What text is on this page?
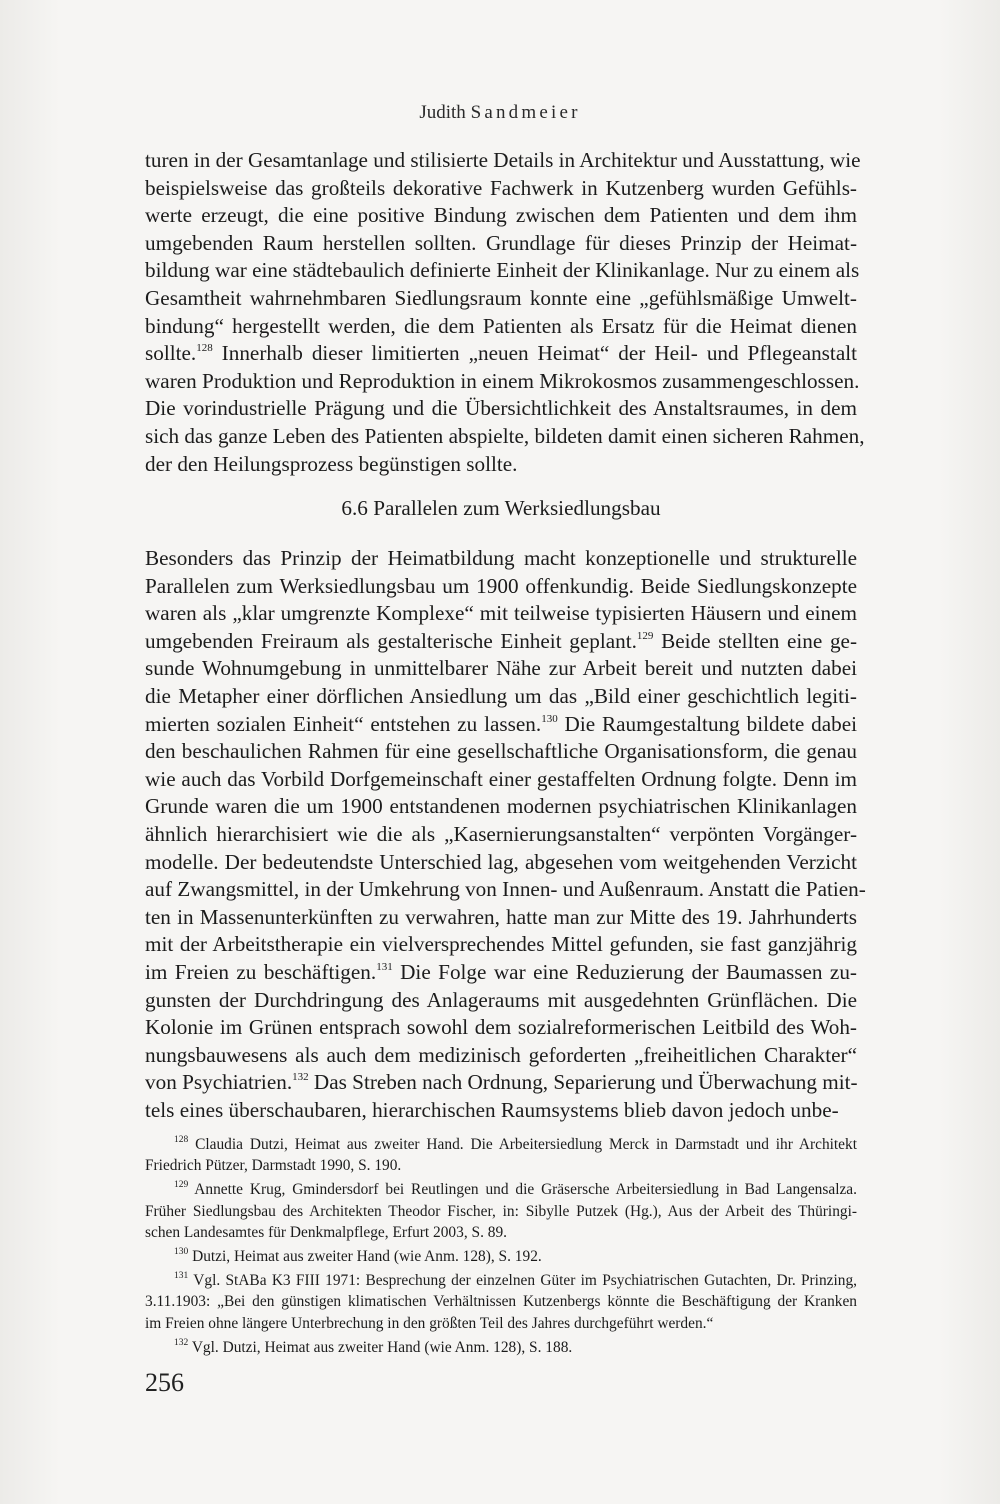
Judith Sandmeier
turen in der Gesamtanlage und stilisierte Details in Architektur und Ausstattung, wie
beispielsweise das großteils dekorative Fachwerk in Kutzenberg wurden Gefühls-
werte erzeugt, die eine positive Bindung zwischen dem Patienten und dem ihm
umgebenden Raum herstellen sollten. Grundlage für dieses Prinzip der Heimat-
bildung war eine städtebaulich definierte Einheit der Klinikanlage. Nur zu einem als
Gesamtheit wahrnehmbaren Siedlungsraum konnte eine „gefühlsmäßige Umwelt-
bindung“ hergestellt werden, die dem Patienten als Ersatz für die Heimat dienen
sollte.$^{128}$ Innerhalb dieser limitierten „neuen Heimat“ der Heil- und Pflegeanstalt
waren Produktion und Reproduktion in einem Mikrokosmos zusammengeschlossen.
Die vorindustrielle Prägung und die Übersichtlichkeit des Anstaltsraumes, in dem
sich das ganze Leben des Patienten abspielte, bildeten damit einen sicheren Rahmen,
der den Heilungsprozess begünstigen sollte.
6.6 Parallelen zum Werksiedlungsbau
Besonders das Prinzip der Heimatbildung macht konzeptionelle und strukturelle
Parallelen zum Werksiedlungsbau um 1900 offenkundig. Beide Siedlungskonzepte
waren als „klar umgrenzte Komplexe“ mit teilweise typisierten Häusern und einem
umgebenden Freiraum als gestalterische Einheit geplant.$^{129}$ Beide stellten eine ge-
sunde Wohnumgebung in unmittelbarer Nähe zur Arbeit bereit und nutzten dabei
die Metapher einer dörflichen Ansiedlung um das „Bild einer geschichtlich legiti-
mierten sozialen Einheit“ entstehen zu lassen.$^{130}$ Die Raumgestaltung bildete dabei
den beschaulichen Rahmen für eine gesellschaftliche Organisationsform, die genau
wie auch das Vorbild Dorfgemeinschaft einer gestaffelten Ordnung folgte. Denn im
Grunde waren die um 1900 entstandenen modernen psychiatrischen Klinikanlagen
ähnlich hierarchisiert wie die als „Kasernierungsanstalten“ verpönten Vorgänger-
modelle. Der bedeutendste Unterschied lag, abgesehen vom weitgehenden Verzicht
auf Zwangsmittel, in der Umkehrung von Innen- und Außenraum. Anstatt die Patien-
ten in Massenunterkünften zu verwahren, hatte man zur Mitte des 19. Jahrhunderts
mit der Arbeitstherapie ein vielversprechendes Mittel gefunden, sie fast ganzjährig
im Freien zu beschäftigen.$^{131}$ Die Folge war eine Reduzierung der Baumassen zu-
gunsten der Durchdringung des Anlageraums mit ausgedehnten Grünflächen. Die
Kolonie im Grünen entsprach sowohl dem sozialreformerischen Leitbild des Woh-
nungsbauwesens als auch dem medizinisch geforderten „freiheitlichen Charakter“
von Psychiatrien.$^{132}$ Das Streben nach Ordnung, Separierung und Überwachung mit-
tels eines überschaubaren, hierarchischen Raumsystems blieb davon jedoch unbe-
$^{128}$ Claudia Dutzi, Heimat aus zweiter Hand. Die Arbeitersiedlung Merck in Darmstadt und ihr Architekt
Friedrich Pützer, Darmstadt 1990, S. 190.
$^{129}$ Annette Krug, Gmindersdorf bei Reutlingen und die Gräsersche Arbeitersiedlung in Bad Langensalza.
Früher Siedlungsbau des Architekten Theodor Fischer, in: Sibylle Putzek (Hg.), Aus der Arbeit des Thüringi-
schen Landesamtes für Denkmalpflege, Erfurt 2003, S. 89.
$^{130}$ Dutzi, Heimat aus zweiter Hand (wie Anm. 128), S. 192.
$^{131}$ Vgl. StABa K3 FIII 1971: Besprechung der einzelnen Güter im Psychiatrischen Gutachten, Dr. Prinzing,
3.11.1903: „Bei den günstigen klimatischen Verhältnissen Kutzenbergs könnte die Beschäftigung der Kranken
im Freien ohne längere Unterbrechung in den größten Teil des Jahres durchgeführt werden.“
$^{132}$ Vgl. Dutzi, Heimat aus zweiter Hand (wie Anm. 128), S. 188.
256
